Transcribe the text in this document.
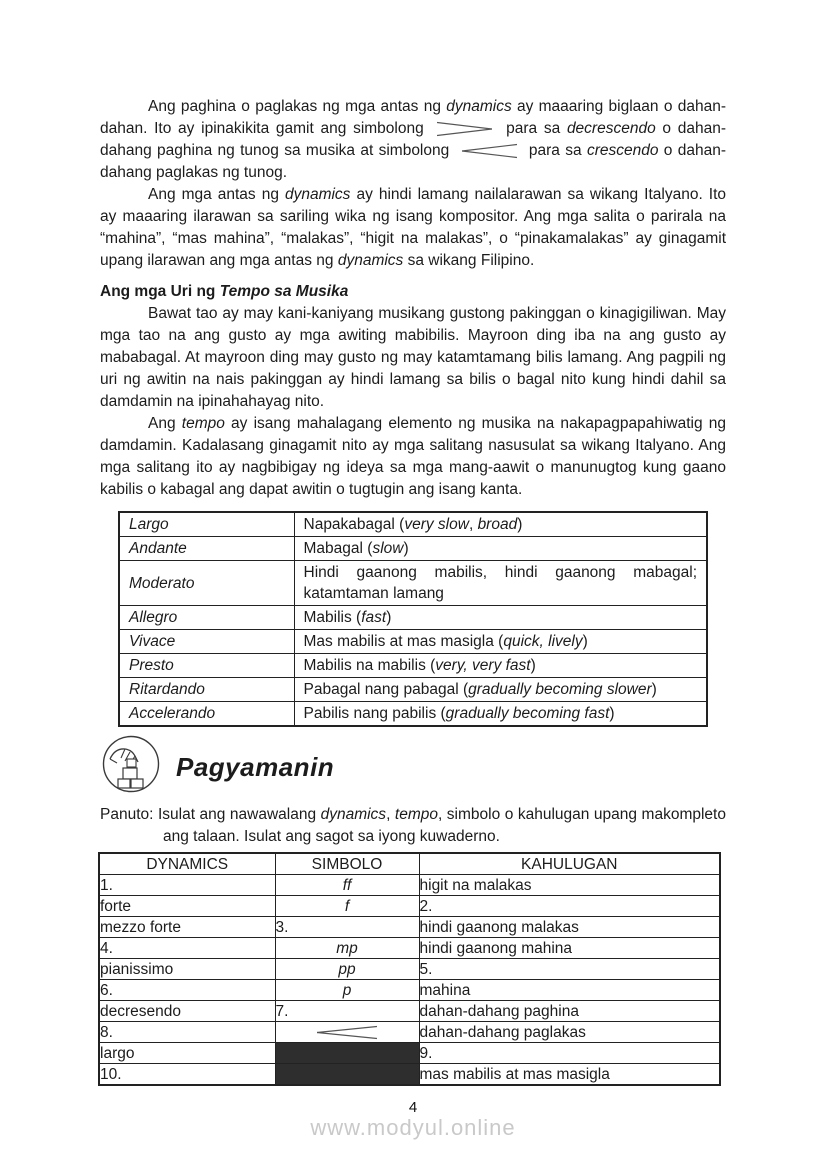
Ang paghina o paglakas ng mga antas ng dynamics ay maaaring biglaan o dahan-dahan. Ito ay ipinakikita gamit ang simbolong	para sa decrescendo o dahan-dahang paghina ng tunog sa musika at simbolong	para sa crescendo o dahan-dahang paglakas ng tunog.

Ang mga antas ng dynamics ay hindi lamang nailalarawan sa wikang Italyano. Ito ay maaaring ilarawan sa sariling wika ng isang kompositor. Ang mga salita o parirala na “mahina”, “mas mahina”, “malakas”, “higit na malakas”, o “pinakamalakas” ay ginagamit upang ilarawan ang mga antas ng dynamics sa wikang Filipino.

Ang mga Uri ng Tempo sa Musika

Bawat tao ay may kani-kaniyang musikang gustong pakinggan o kinagigiliwan. May mga tao na ang gusto ay mga awiting mabibilis. Mayroon ding iba na ang gusto ay mababagal. At mayroon ding may gusto ng may katamtamang bilis lamang. Ang pagpili ng uri ng awitin na nais pakinggan ay hindi lamang sa bilis o bagal nito kung hindi dahil sa damdamin na ipinahahayag nito.

Ang tempo ay isang mahalagang elemento ng musika na nakapagpapahiwatig ng damdamin. Kadalasang ginagamit nito ay mga salitang nasusulat sa wikang Italyano. Ang mga salitang ito ay nagbibigay ng ideya sa mga mang-aawit o manunugtog kung gaano kabilis o kabagal ang dapat awitin o tugtugin ang isang kanta.

Largo	Napakabagal (very slow, broad)
Andante	Mabagal (slow)
Moderato	Hindi gaanong mabilis, hindi gaanong mabagal; katamtaman lamang
Allegro	Mabilis (fast)
Vivace	Mas mabilis at mas masigla (quick, lively)
Presto	Mabilis na mabilis (very, very fast)
Ritardando	Pabagal nang pabagal (gradually becoming slower)
Accelerando	Pabilis nang pabilis (gradually becoming fast)
Pagyamanin

Panuto: Isulat ang nawawalang dynamics, tempo, simbolo o kahulugan upang makompleto ang talaan. Isulat ang sagot sa iyong kuwaderno.

DYNAMICS	SIMBOLO	KAHULUGAN
1.	ff	higit na malakas
forte	f	2.
mezzo forte	3.	hindi gaanong malakas
4.	mp	hindi gaanong mahina
pianissimo	pp	5.
6.	p	mahina
decresendo	7.	dahan-dahang paghina
8.		dahan-dahang paglakas
largo		9.
10.		mas mabilis at mas masigla
4
www.modyul.online
